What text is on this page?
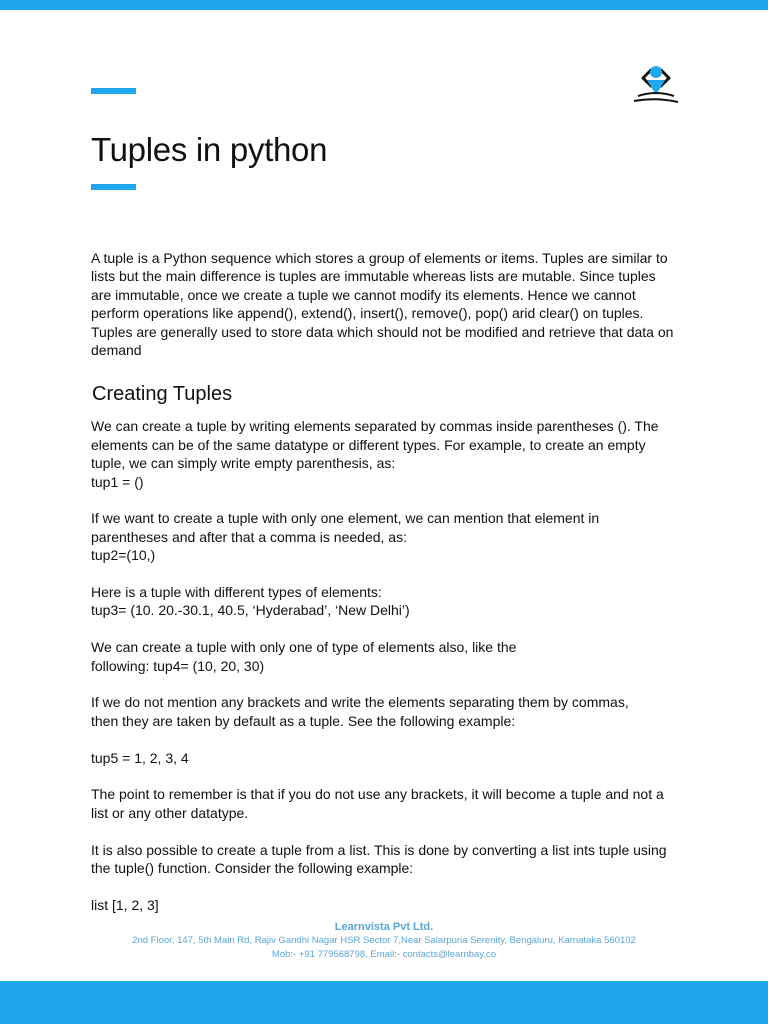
Tuples in python

A tuple is a Python sequence which stores a group of elements or items. Tuples are similar to lists but the main difference is tuples are immutable whereas lists are mutable. Since tuples are immutable, once we create a tuple we cannot modify its elements. Hence we cannot perform operations like append(), extend(), insert(), remove(), pop() arid clear() on tuples. Tuples are generally used to store data which should not be modified and retrieve that data on demand

Creating Tuples

We can create a tuple by writing elements separated by commas inside parentheses (). The elements can be of the same datatype or different types. For example, to create an empty tuple, we can simply write empty parenthesis, as:
tup1 = ()

If we want to create a tuple with only one element, we can mention that element in parentheses and after that a comma is needed, as:
tup2=(10,)

Here is a tuple with different types of elements:
tup3= (10. 20.-30.1, 40.5, ‘Hyderabad’, ‘New Delhi’)

We can create a tuple with only one of type of elements also, like the
following: tup4= (10, 20, 30)

If we do not mention any brackets and write the elements separating them by commas,
then they are taken by default as a tuple. See the following example:

tup5 = 1, 2, 3, 4

The point to remember is that if you do not use any brackets, it will become a tuple and not a list or any other datatype.

It is also possible to create a tuple from a list. This is done by converting a list ints tuple using the tuple() function. Consider the following example:

list [1, 2, 3]

Learnvista Pvt Ltd.
2nd Floor, 147, 5th Main Rd, Rajiv Gandhi Nagar HSR Sector 7,Near Salarpuria Serenity, Bengaluru, Karnataka 560102
Mob:- +91 779568798, Email:- contacts@learnbay.co
